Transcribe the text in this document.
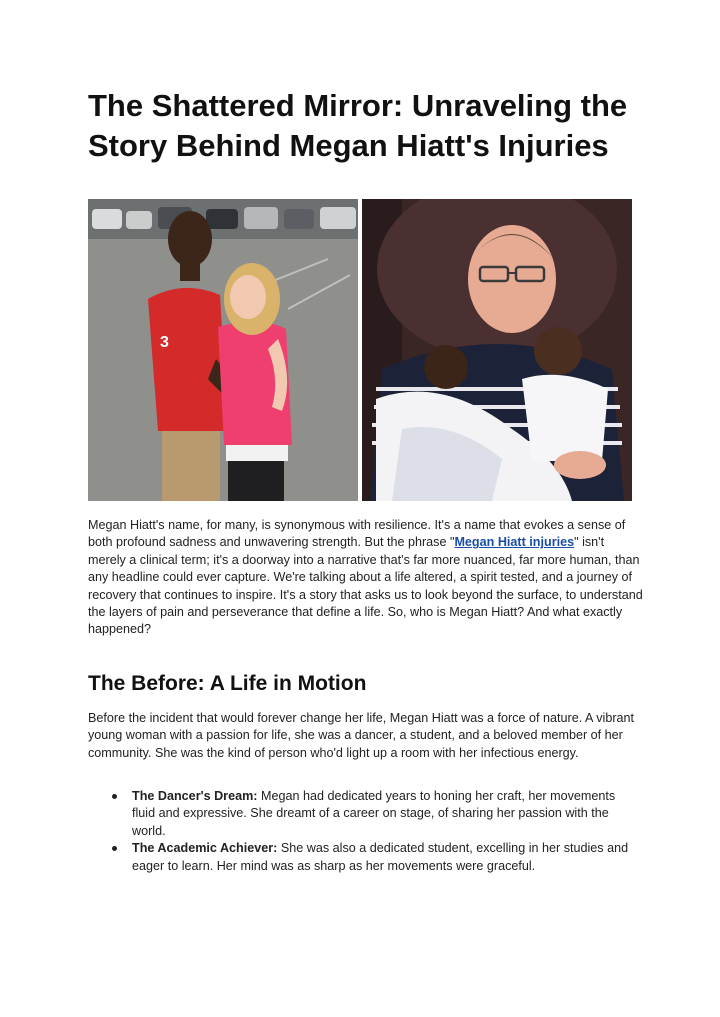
The Shattered Mirror: Unraveling the Story Behind Megan Hiatt's Injuries
3

Megan Hiatt's name, for many, is synonymous with resilience. It's a name that evokes a sense of both profound sadness and unwavering strength. But the phrase "Megan Hiatt injuries" isn't merely a clinical term; it's a doorway into a narrative that's far more nuanced, far more human, than any headline could ever capture. We're talking about a life altered, a spirit tested, and a journey of recovery that continues to inspire. It's a story that asks us to look beyond the surface, to understand the layers of pain and perseverance that define a life. So, who is Megan Hiatt? And what exactly happened?

The Before: A Life in Motion

Before the incident that would forever change her life, Megan Hiatt was a force of nature. A vibrant young woman with a passion for life, she was a dancer, a student, and a beloved member of her community. She was the kind of person who'd light up a room with her infectious energy.

The Dancer's Dream: Megan had dedicated years to honing her craft, her movements fluid and expressive. She dreamt of a career on stage, of sharing her passion with the world.
The Academic Achiever: She was also a dedicated student, excelling in her studies and eager to learn. Her mind was as sharp as her movements were graceful.
